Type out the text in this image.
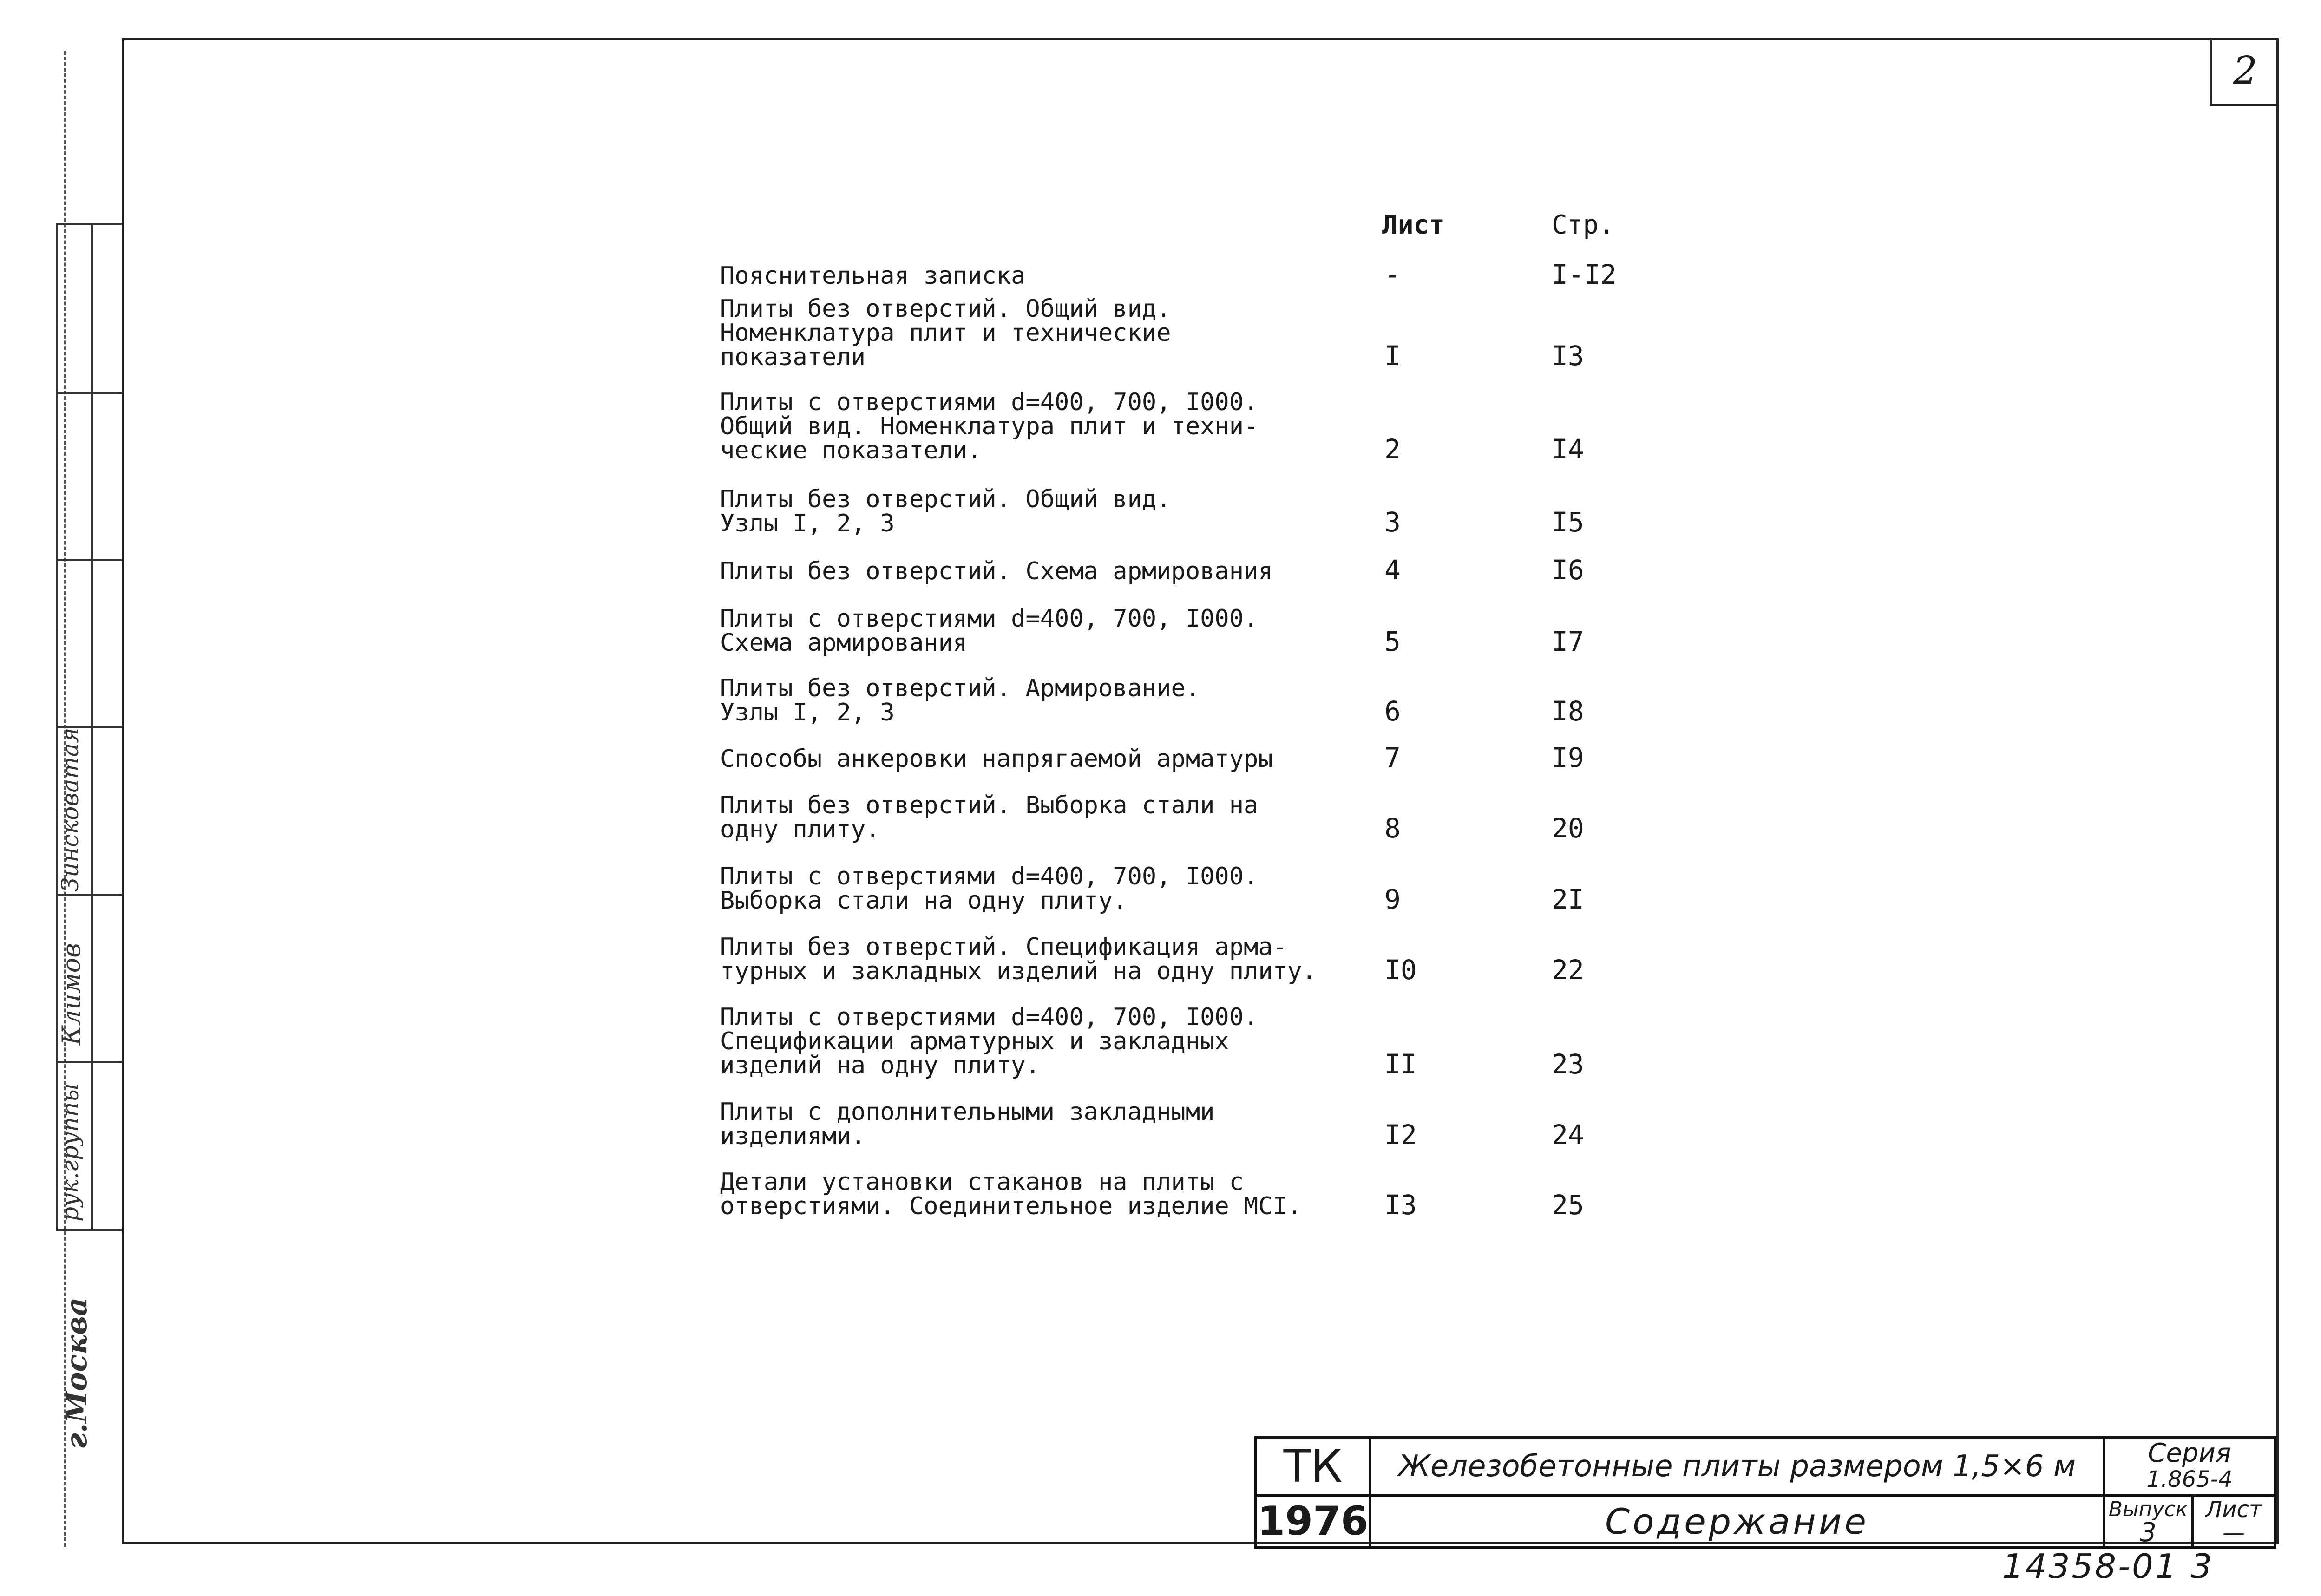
2
рук.группы
Климов
Зинсковатая
г.Москва
Лист	Стр.
Пояснительная записка	-	I-I2
Плиты без отверстий. Общий вид.
Номенклатура плит и технические
показатели	I	I3
Плиты с отверстиями d=400, 700, I000.
Общий вид. Номенклатура плит и техни-
ческие показатели.	2	I4
Плиты без отверстий. Общий вид.
Узлы I, 2, 3	3	I5
Плиты без отверстий. Схема армирования	4	I6
Плиты с отверстиями d=400, 700, I000.
Схема армирования	5	I7
Плиты без отверстий. Армирование.
Узлы I, 2, 3	6	I8
Способы анкеровки напрягаемой арматуры	7	I9
Плиты без отверстий. Выборка стали на
одну плиту.	8	20
Плиты с отверстиями d=400, 700, I000.
Выборка стали на одну плиту.	9	2I
Плиты без отверстий. Спецификация арма-
турных и закладных изделий на одну плиту.	I0	22
Плиты с отверстиями d=400, 700, I000.
Спецификации арматурных и закладных
изделий на одну плиту.	II	23
Плиты с дополнительными закладными
изделиями.	I2	24
Детали установки стаканов на плиты с
отверстиями. Соединительное изделие МСI.	I3	25
ТК
1976
Железобетонные плиты размером 1,5×6 м
Содержание
Серия
1.865-4
Выпуск
3
Лист
—
14358-01 3
